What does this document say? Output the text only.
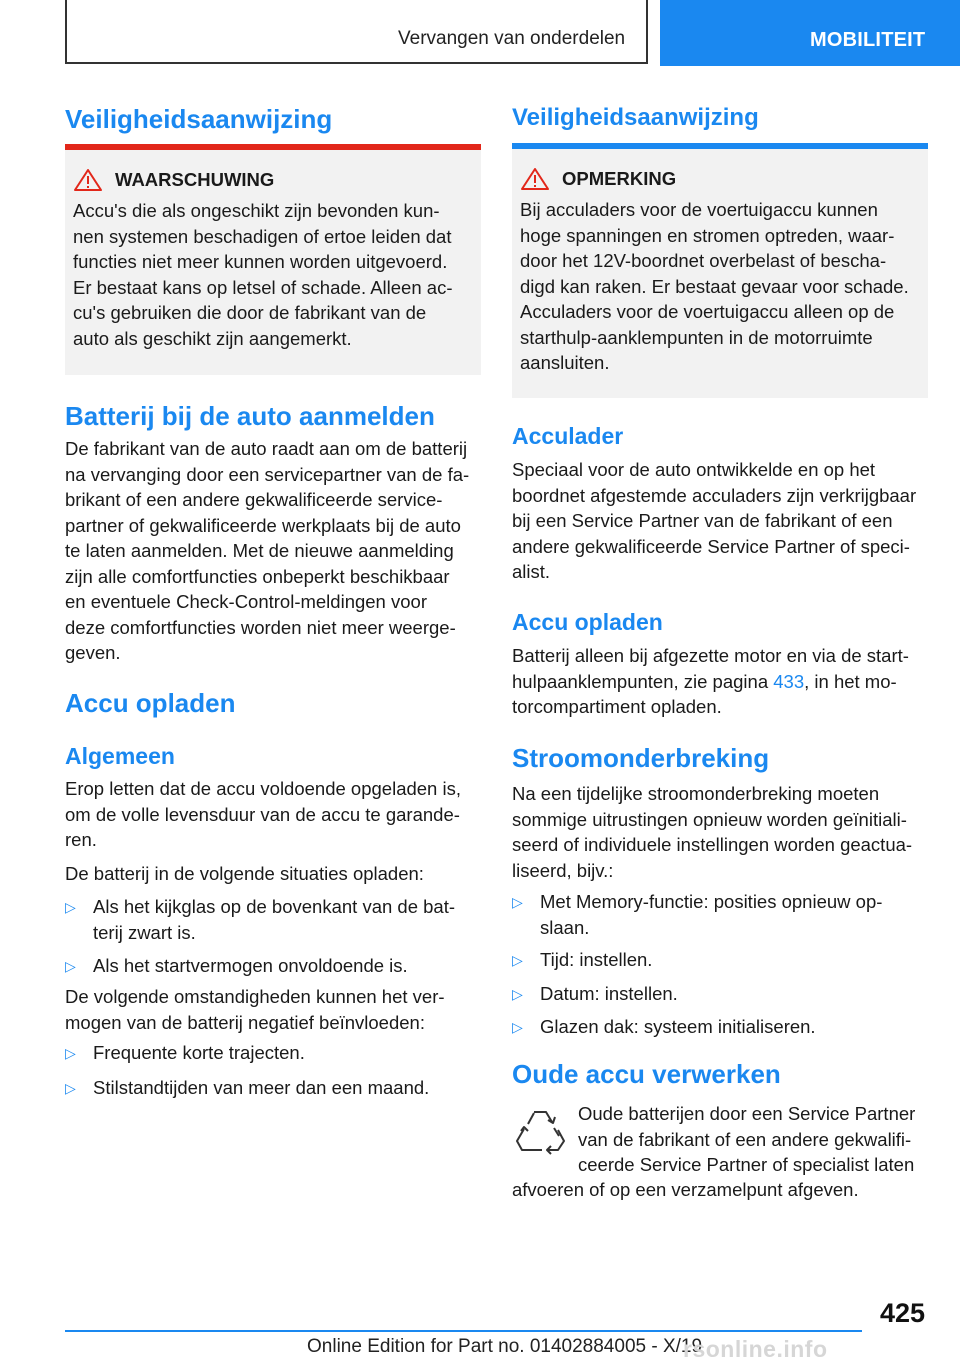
Vervangen van onderdelen	MOBILITEIT
Veiligheidsaanwijzing
WAARSCHUWING

Accu's die als ongeschikt zijn bevonden kun-
nen systemen beschadigen of ertoe leiden dat
functies niet meer kunnen worden uitgevoerd.
Er bestaat kans op letsel of schade. Alleen ac-
cu's gebruiken die door de fabrikant van de
auto als geschikt zijn aangemerkt.

Batterij bij de auto aanmelden

De fabrikant van de auto raadt aan om de batterij
na vervanging door een servicepartner van de fa-
brikant of een andere gekwalificeerde service-
partner of gekwalificeerde werkplaats bij de auto
te laten aanmelden. Met de nieuwe aanmelding
zijn alle comfortfuncties onbeperkt beschikbaar
en eventuele Check-Control-meldingen voor
deze comfortfuncties worden niet meer weerge-
geven.

Accu opladen
Algemeen

Erop letten dat de accu voldoende opgeladen is,
om de volle levensduur van de accu te garande-
ren.

De batterij in de volgende situaties opladen:

▷ Als het kijkglas op de bovenkant van de bat-
terij zwart is.
▷ Als het startvermogen onvoldoende is.

De volgende omstandigheden kunnen het ver-
mogen van de batterij negatief beïnvloeden:

▷ Frequente korte trajecten.
▷ Stilstandtijden van meer dan een maand.
Veiligheidsaanwijzing
OPMERKING

Bij acculaders voor de voertuigaccu kunnen
hoge spanningen en stromen optreden, waar-
door het 12V-boordnet overbelast of bescha-
digd kan raken. Er bestaat gevaar voor schade.
Acculaders voor de voertuigaccu alleen op de
starthulp-aanklempunten in de motorruimte
aansluiten.

Acculader

Speciaal voor de auto ontwikkelde en op het
boordnet afgestemde acculaders zijn verkrijgbaar
bij een Service Partner van de fabrikant of een
andere gekwalificeerde Service Partner of speci-
alist.

Accu opladen

Batterij alleen bij afgezette motor en via de start-
hulpaanklempunten, zie pagina 433, in het mo-
torcompartiment opladen.

Stroomonderbreking

Na een tijdelijke stroomonderbreking moeten
sommige uitrustingen opnieuw worden geïnitiali-
seerd of individuele instellingen worden geactua-
liseerd, bijv.:

▷ Met Memory-functie: posities opnieuw op-
slaan.
▷ Tijd: instellen.
▷ Datum: instellen.
▷ Glazen dak: systeem initialiseren.
Oude accu verwerken

Oude batterijen door een Service Partner
van de fabrikant of een andere gekwalifi-
ceerde Service Partner of specialist laten

afvoeren of op een verzamelpunt afgeven.

425
Online Edition for Part no. 01402884005 - X/19
rsonline.info
